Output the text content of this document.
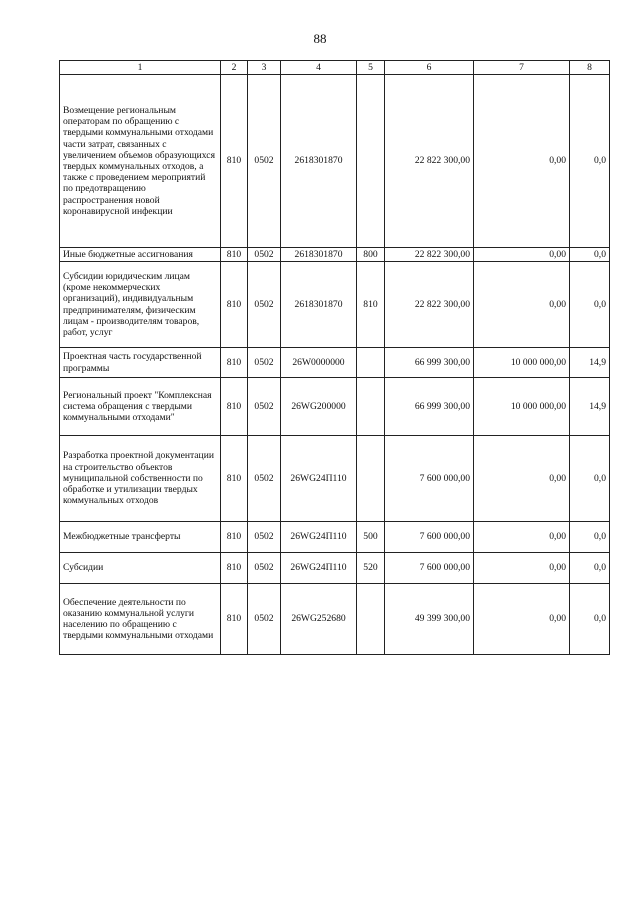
88
1	2	3	4	5	6	7	8
Возмещение региональным операторам по обращению с твердыми коммунальными отходами части затрат, связанных с увеличением объемов образующихся твердых коммунальных отходов, а также с проведением мероприятий по предотвращению распространения новой коронавирусной инфекции	810	0502	2618301870		22 822 300,00	0,00	0,0
Иные бюджетные ассигнования	810	0502	2618301870	800	22 822 300,00	0,00	0,0
Субсидии юридическим лицам (кроме некоммерческих организаций), индивидуальным предпринимателям, физическим лицам - производителям товаров, работ, услуг	810	0502	2618301870	810	22 822 300,00	0,00	0,0
Проектная часть государственной программы	810	0502	26W0000000		66 999 300,00	10 000 000,00	14,9
Региональный проект "Комплексная система обращения с твердыми коммунальными отходами"	810	0502	26WG200000		66 999 300,00	10 000 000,00	14,9
Разработка проектной документации на строительство объектов муниципальной собственности по обработке и утилизации твердых коммунальных отходов	810	0502	26WG24П110		7 600 000,00	0,00	0,0
Межбюджетные трансферты	810	0502	26WG24П110	500	7 600 000,00	0,00	0,0
Субсидии	810	0502	26WG24П110	520	7 600 000,00	0,00	0,0
Обеспечение деятельности по оказанию коммунальной услуги населению по обращению с твердыми коммунальными отходами	810	0502	26WG252680		49 399 300,00	0,00	0,0
